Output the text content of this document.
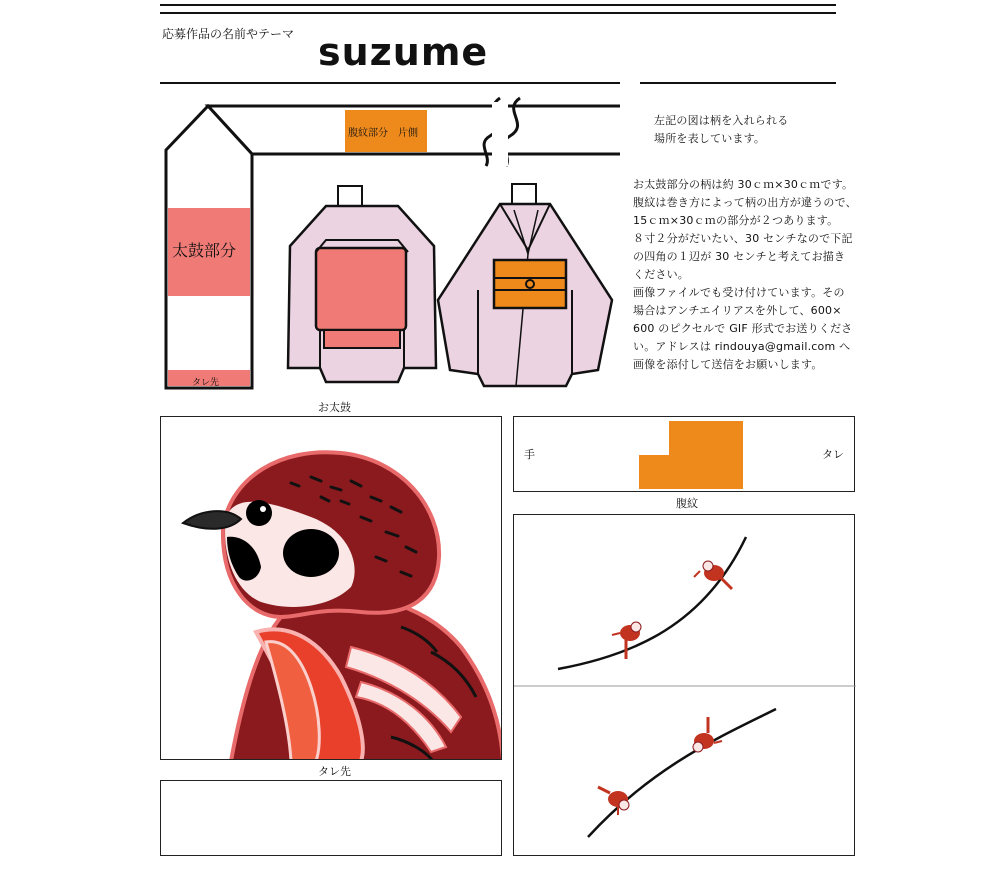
応募作品の名前やテーマ suzume
腹紋部分　片側
太鼓部分
タレ先
左記の図は柄を入れられる
場所を表しています。
お太鼓部分の柄は約 30ｃｍ×30ｃｍです。
腹紋は巻き方によって柄の出方が違うので、
15ｃｍ×30ｃｍの部分が２つあります。
８寸２分がだいたい、30 センチなので下記
の四角の１辺が 30 センチと考えてお描き
ください。
画像ファイルでも受け付けています。その
場合はアンチエイリアスを外して、600×
600 のピクセルで GIF 形式でお送りくださ
い。アドレスは rindouya@gmail.com へ
画像を添付して送信をお願いします。
お太鼓
タレ先
手	タレ
腹紋
